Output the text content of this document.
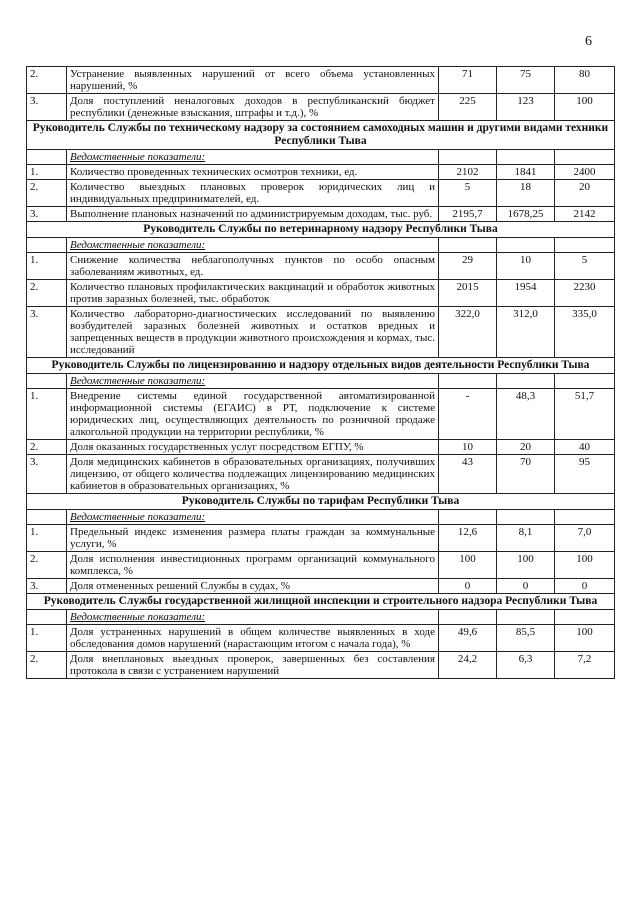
6
2.	Устранение выявленных нарушений от всего объема установленных нарушений, %	71	75	80
3.	Доля поступлений неналоговых доходов в республиканский бюджет республики (денежные взыскания, штрафы и т.д.), %	225	123	100
Руководитель Службы по техническому надзору за состоянием самоходных машин и другими видами техники Республики Тыва				
	Ведомственные показатели:			
1.	Количество проведенных технических осмотров техники, ед.	2102	1841	2400
2.	Количество выездных плановых проверок юридических лиц и индивидуальных предпринимателей, ед.	5	18	20
3.	Выполнение плановых назначений по администрируемым доходам, тыс. руб.	2195,7	1678,25	2142
Руководитель Службы по ветеринарному надзору Республики Тыва				
	Ведомственные показатели:			
1.	Снижение количества неблагополучных пунктов по особо опасным заболеваниям животных, ед.	29	10	5
2.	Количество плановых профилактических вакцинаций и обработок животных против заразных болезней, тыс. обработок	2015	1954	2230
3.	Количество лабораторно-диагностических исследований по выявлению возбудителей заразных болезней животных и остатков вредных и запрещенных веществ в продукции животного происхождения и кормах, тыс. исследований	322,0	312,0	335,0
Руководитель Службы по лицензированию и надзору отдельных видов деятельности Республики Тыва				
	Ведомственные показатели:			
1.	Внедрение системы единой государственной автоматизированной информационной системы (ЕГАИС) в РТ, подключение к системе юридических лиц, осуществляющих деятельность по розничной продаже алкогольной продукции на территории республики, %	-	48,3	51,7
2.	Доля оказанных государственных услуг посредством ЕГПУ, %	10	20	40
3.	Доля медицинских кабинетов в образовательных организациях, получивших лицензию, от общего количества подлежащих лицензированию медицинских кабинетов в образовательных организациях, %	43	70	95
Руководитель Службы по тарифам Республики Тыва				
	Ведомственные показатели:			
1.	Предельный индекс изменения размера платы граждан за коммунальные услуги, %	12,6	8,1	7,0
2.	Доля исполнения инвестиционных программ организаций коммунального комплекса, %	100	100	100
3.	Доля отмененных решений Службы в судах, %	0	0	0
Руководитель Службы государственной жилищной инспекции и строительного надзора Республики Тыва				
	Ведомственные показатели:			
1.	Доля устраненных нарушений в общем количестве выявленных в ходе обследования домов нарушений (нарастающим итогом с начала года), %	49,6	85,5	100
2.	Доля внеплановых выездных проверок, завершенных без составления протокола в связи с устранением нарушений	24,2	6,3	7,2
